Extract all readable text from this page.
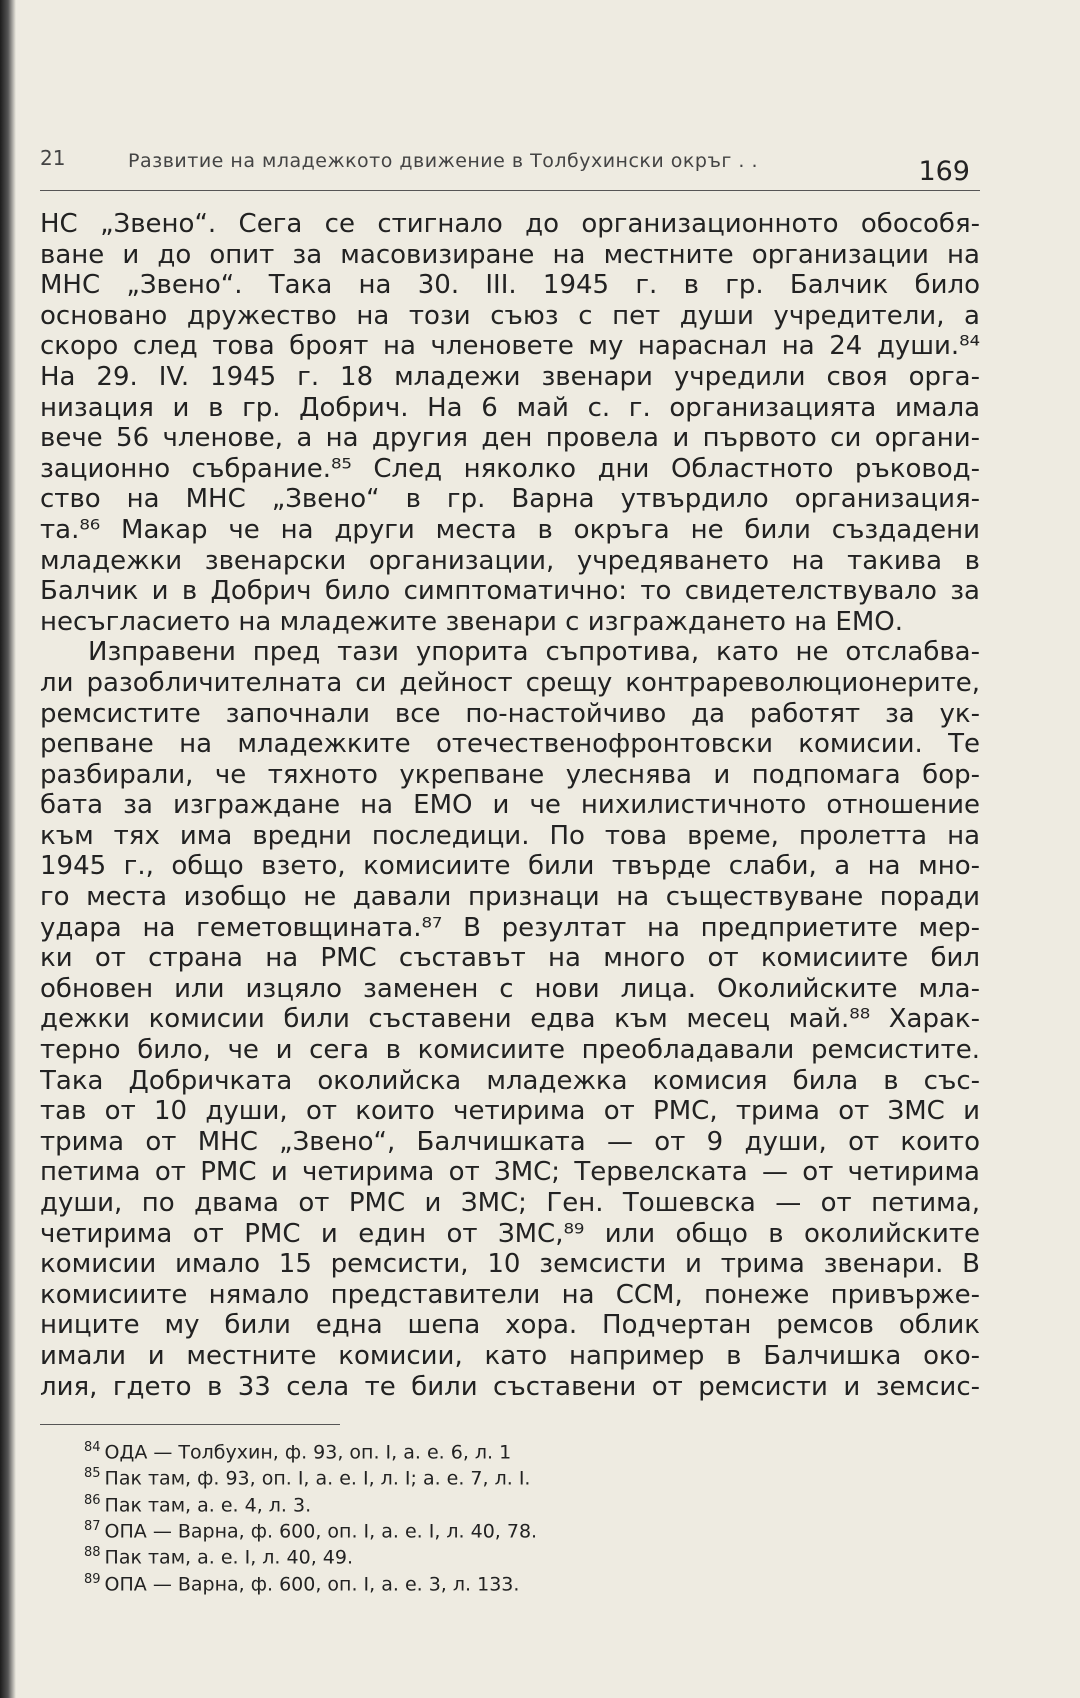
21	Развитие на младежкото движение в Толбухински окръг . .	169
НС „Звено“. Сега се стигнало до организационното обособя-
ване и до опит за масовизиране на местните организации на
МНС „Звено“. Така на 30. III. 1945 г. в гр. Балчик било
основано дружество на този съюз с пет души учредители, а
скоро след това броят на членовете му нараснал на 24 души.⁸⁴
На 29. IV. 1945 г. 18 младежи звенари учредили своя орга-
низация и в гр. Добрич. На 6 май с. г. организацията имала
вече 56 членове, а на другия ден провела и първото си органи-
зационно събрание.⁸⁵ След няколко дни Областното ръковод-
ство на МНС „Звено“ в гр. Варна утвърдило организация-
та.⁸⁶ Макар че на други места в окръга не били създадени
младежки звенарски организации, учредяването на такива в
Балчик и в Добрич било симптоматично: то свидетелствувало за
несъгласието на младежите звенари с изграждането на ЕМО.
Изправени пред тази упорита съпротива, като не отслабва-
ли разобличителната си дейност срещу контрареволюционерите,
ремсистите започнали все по-настойчиво да работят за ук-
репване на младежките отечественофронтовски комисии. Те
разбирали, че тяхното укрепване улеснява и подпомага бор-
бата за изграждане на ЕМО и че нихилистичното отношение
към тях има вредни последици. По това време, пролетта на
1945 г., общо взето, комисиите били твърде слаби, а на мно-
го места изобщо не давали признаци на съществуване поради
удара на геметовщината.⁸⁷ В резултат на предприетите мер-
ки от страна на РМС съставът на много от комисиите бил
обновен или изцяло заменен с нови лица. Околийските мла-
дежки комисии били съставени едва към месец май.⁸⁸ Харак-
терно било, че и сега в комисиите преобладавали ремсистите.
Така Добричката околийска младежка комисия била в със-
тав от 10 души, от които четирима от РМС, трима от ЗМС и
трима от МНС „Звено“, Балчишката — от 9 души, от които
петима от РМС и четирима от ЗМС; Тервелската — от четирима
души, по двама от РМС и ЗМС; Ген. Тошевска — от петима,
четирима от РМС и един от ЗМС,⁸⁹ или общо в околийските
комисии имало 15 ремсисти, 10 земсисти и трима звенари. В
комисиите нямало представители на ССМ, понеже привърже-
ниците му били една шепа хора. Подчертан ремсов облик
имали и местните комисии, като например в Балчишка око-
лия, гдето в 33 села те били съставени от ремсисти и земсис-
$^{84}$ ОДА — Толбухин, ф. 93, оп. I, а. е. 6, л. 1
$^{85}$ Пак там, ф. 93, оп. I, а. е. I, л. I; а. е. 7, л. I.
$^{86}$ Пак там, а. е. 4, л. 3.
$^{87}$ ОПА — Варна, ф. 600, оп. I, а. е. I, л. 40, 78.
$^{88}$ Пак там, а. е. I, л. 40, 49.
$^{89}$ ОПА — Варна, ф. 600, оп. I, а. е. 3, л. 133.
